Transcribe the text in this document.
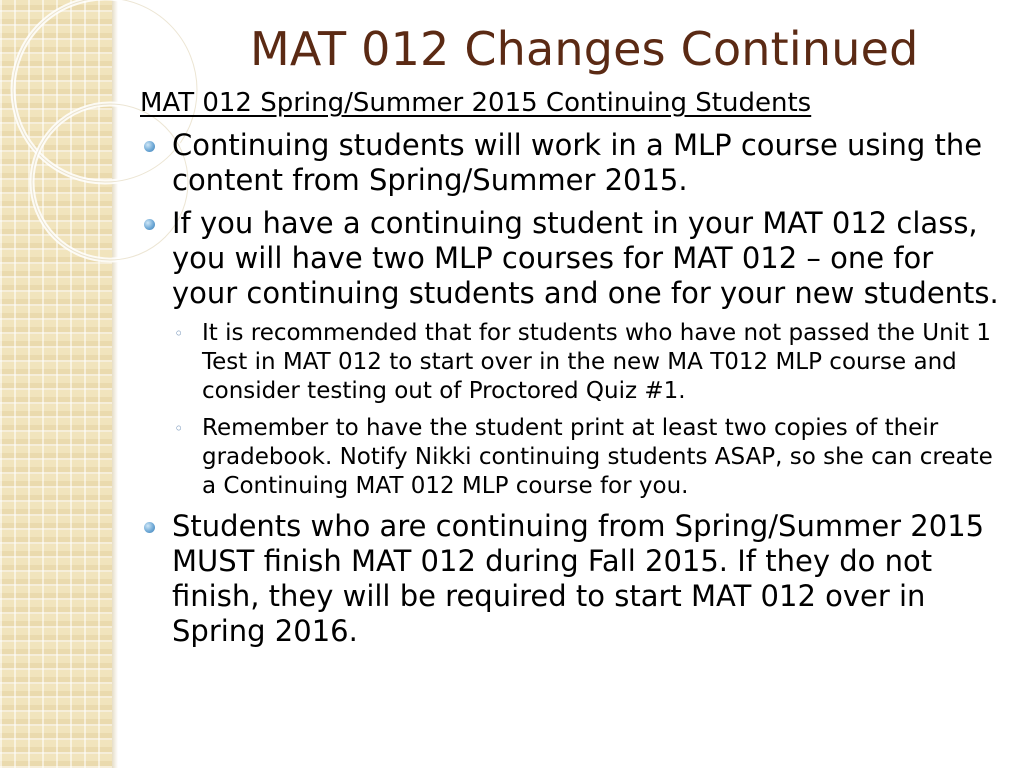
MAT 012 Changes Continued
MAT 012 Spring/Summer 2015 Continuing Students
Continuing students will work in a MLP course using the content from Spring/Summer 2015.
If you have a continuing student in your MAT 012 class, you will have two MLP courses for MAT 012 – one for your continuing students and one for your new students.
◦ It is recommended that for students who have not passed the Unit 1 Test in MAT 012 to start over in the new MA T012 MLP course and consider testing out of Proctored Quiz #1.
◦ Remember to have the student print at least two copies of their gradebook. Notify Nikki continuing students ASAP, so she can create a Continuing MAT 012 MLP course for you.
Students who are continuing from Spring/Summer 2015 MUST finish MAT 012 during Fall 2015. If they do not finish, they will be required to start MAT 012 over in Spring 2016.
